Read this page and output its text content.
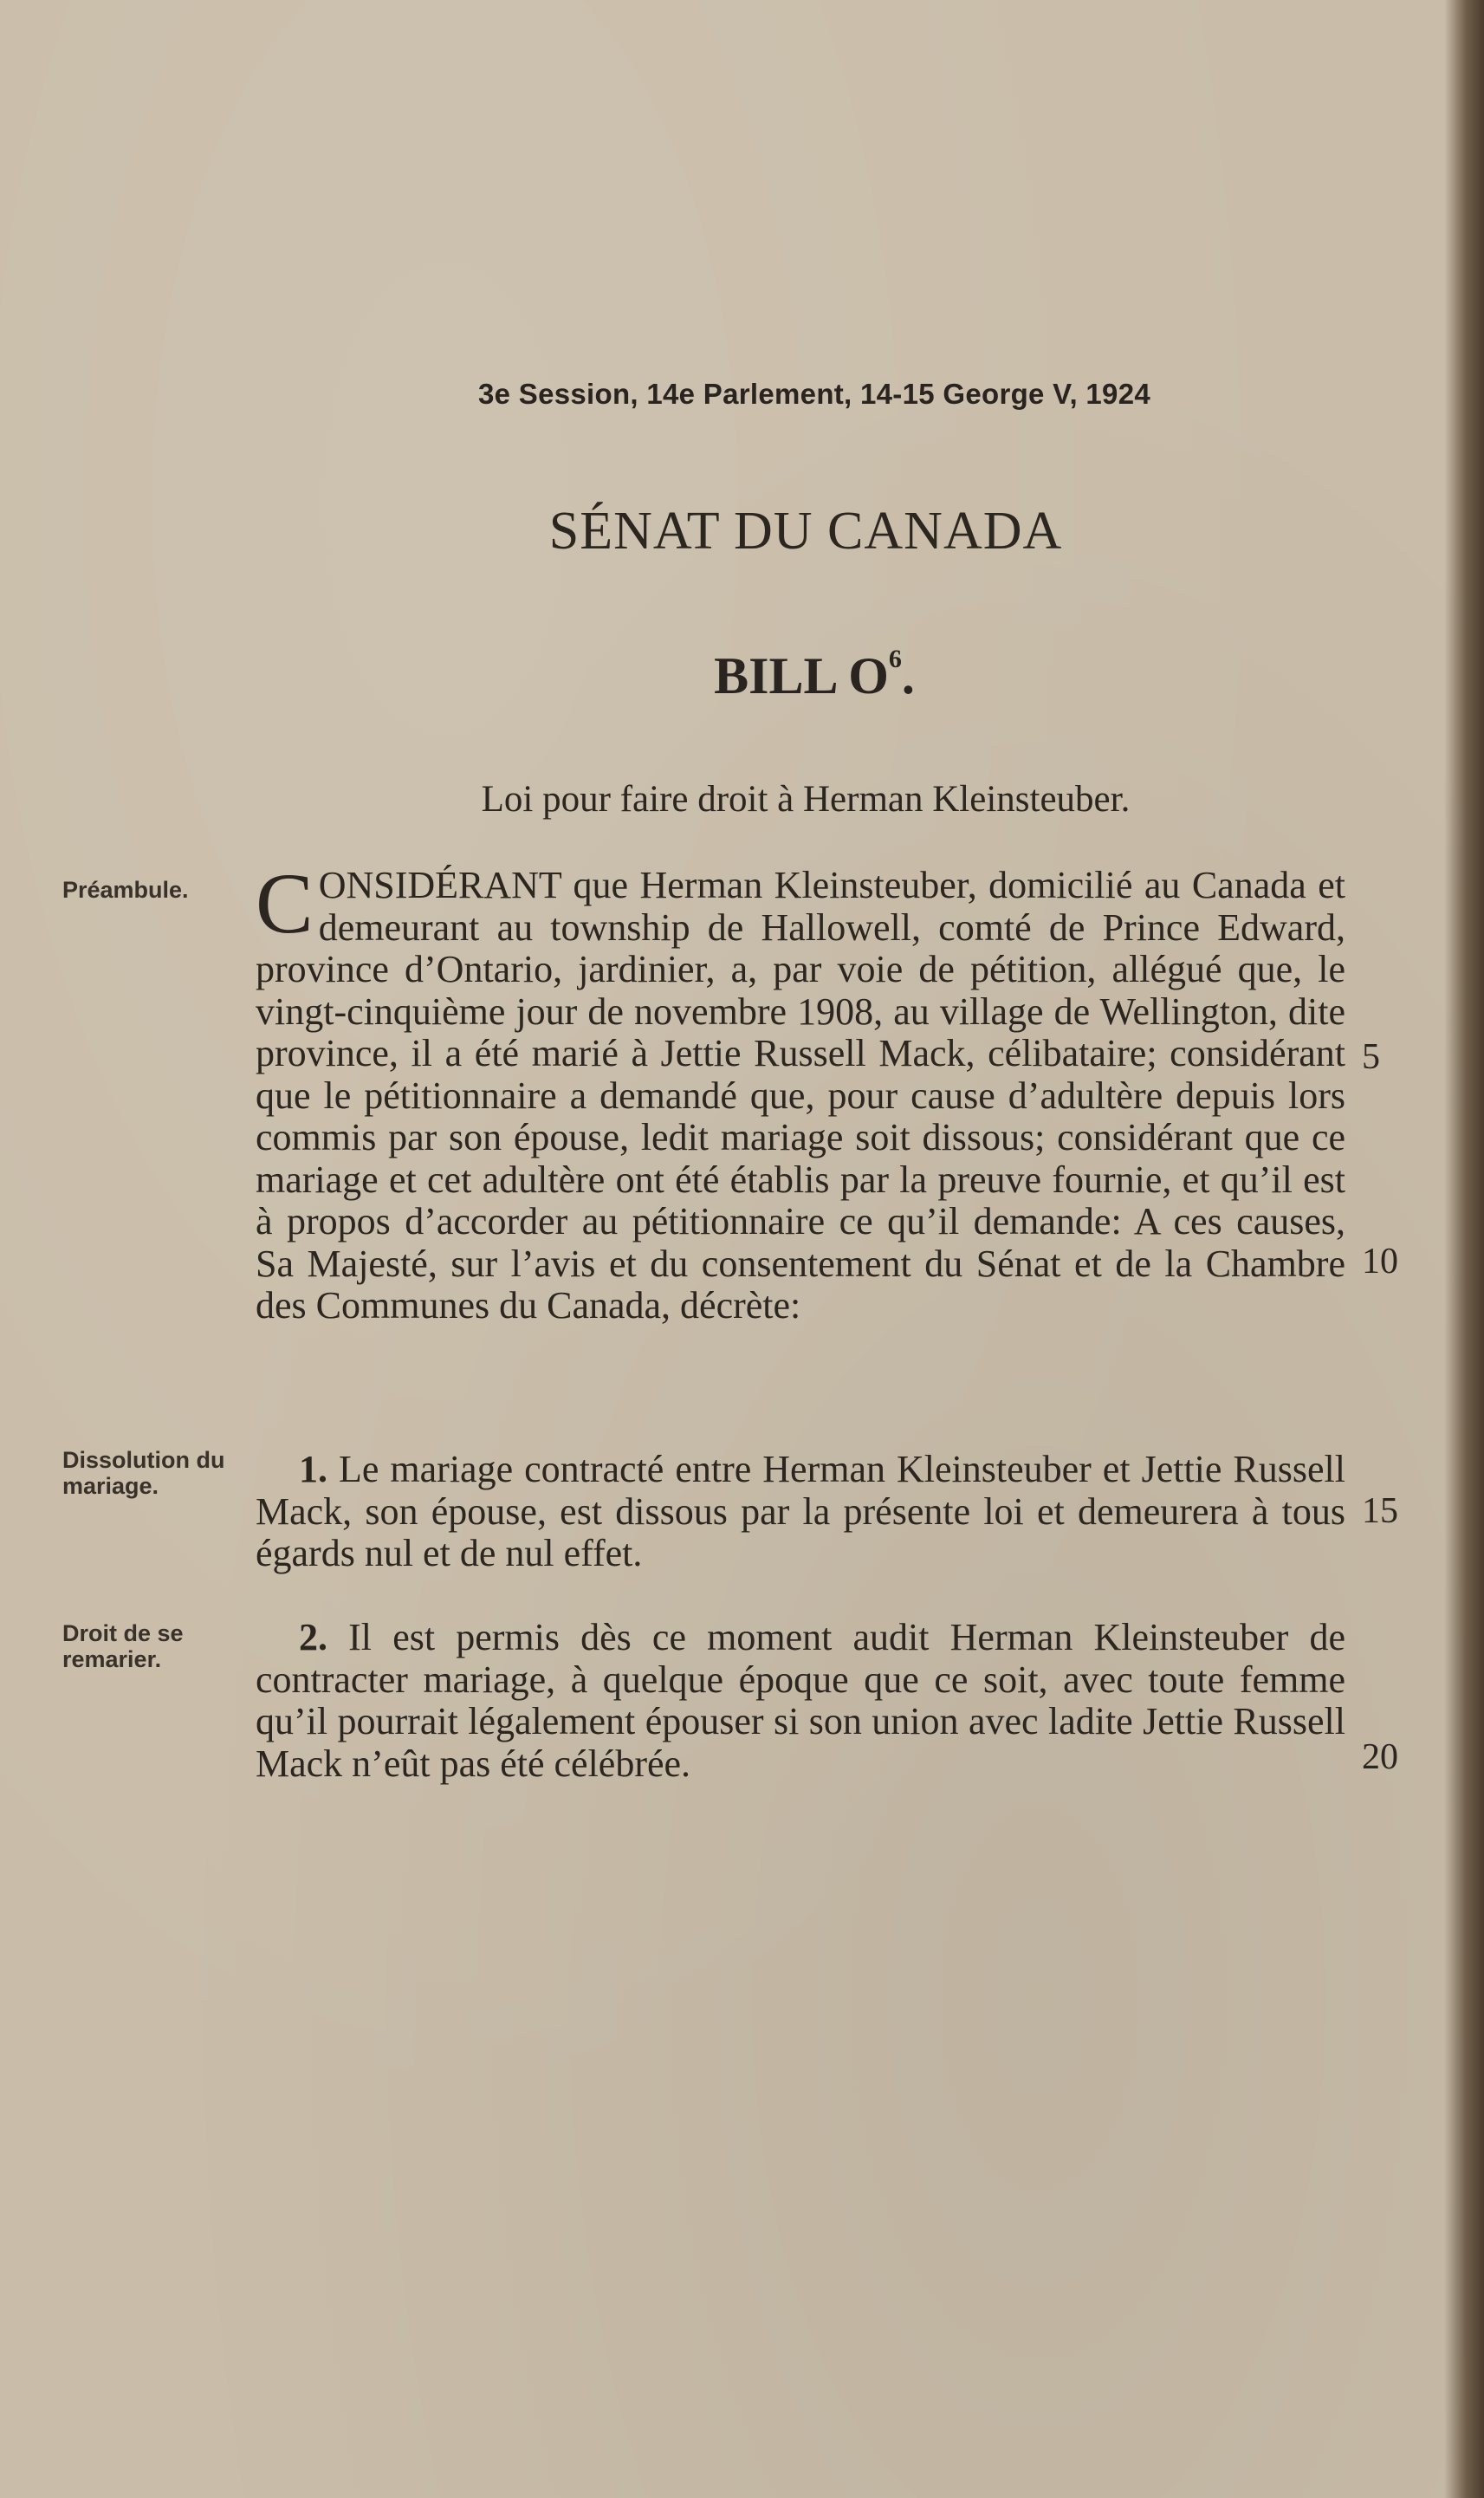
3e Session, 14e Parlement, 14-15 George V, 1924
SÉNAT DU CANADA
BILL $O^6$.
Loi pour faire droit à Herman Kleinsteuber.
Préambule.
Dissolution du mariage.
Droit de se remarier.
CONSIDÉRANT que Herman Kleinsteuber, domicilié au Canada et demeurant au township de Hallowell, comté de Prince Edward, province d’Ontario, jardinier, a, par voie de pétition, allégué que, le vingt-cinquième jour de novembre 1908, au village de Wellington, dite province, il a été marié à Jettie Russell Mack, célibataire; considérant que le pétitionnaire a demandé que, pour cause d’adultère depuis lors commis par son épouse, ledit mariage soit dissous; considérant que ce mariage et cet adultère ont été établis par la preuve fournie, et qu’il est à propos d’accorder au pétitionnaire ce qu’il demande: A ces causes, Sa Majesté, sur l’avis et du consentement du Sénat et de la Chambre des Communes du Canada, décrète:
1. Le mariage contracté entre Herman Kleinsteuber et Jettie Russell Mack, son épouse, est dissous par la présente loi et demeurera à tous égards nul et de nul effet.
2. Il est permis dès ce moment audit Herman Kleinsteuber de contracter mariage, à quelque époque que ce soit, avec toute femme qu’il pourrait légalement épouser si son union avec ladite Jettie Russell Mack n’eût pas été célébrée.
5
10
15
20
